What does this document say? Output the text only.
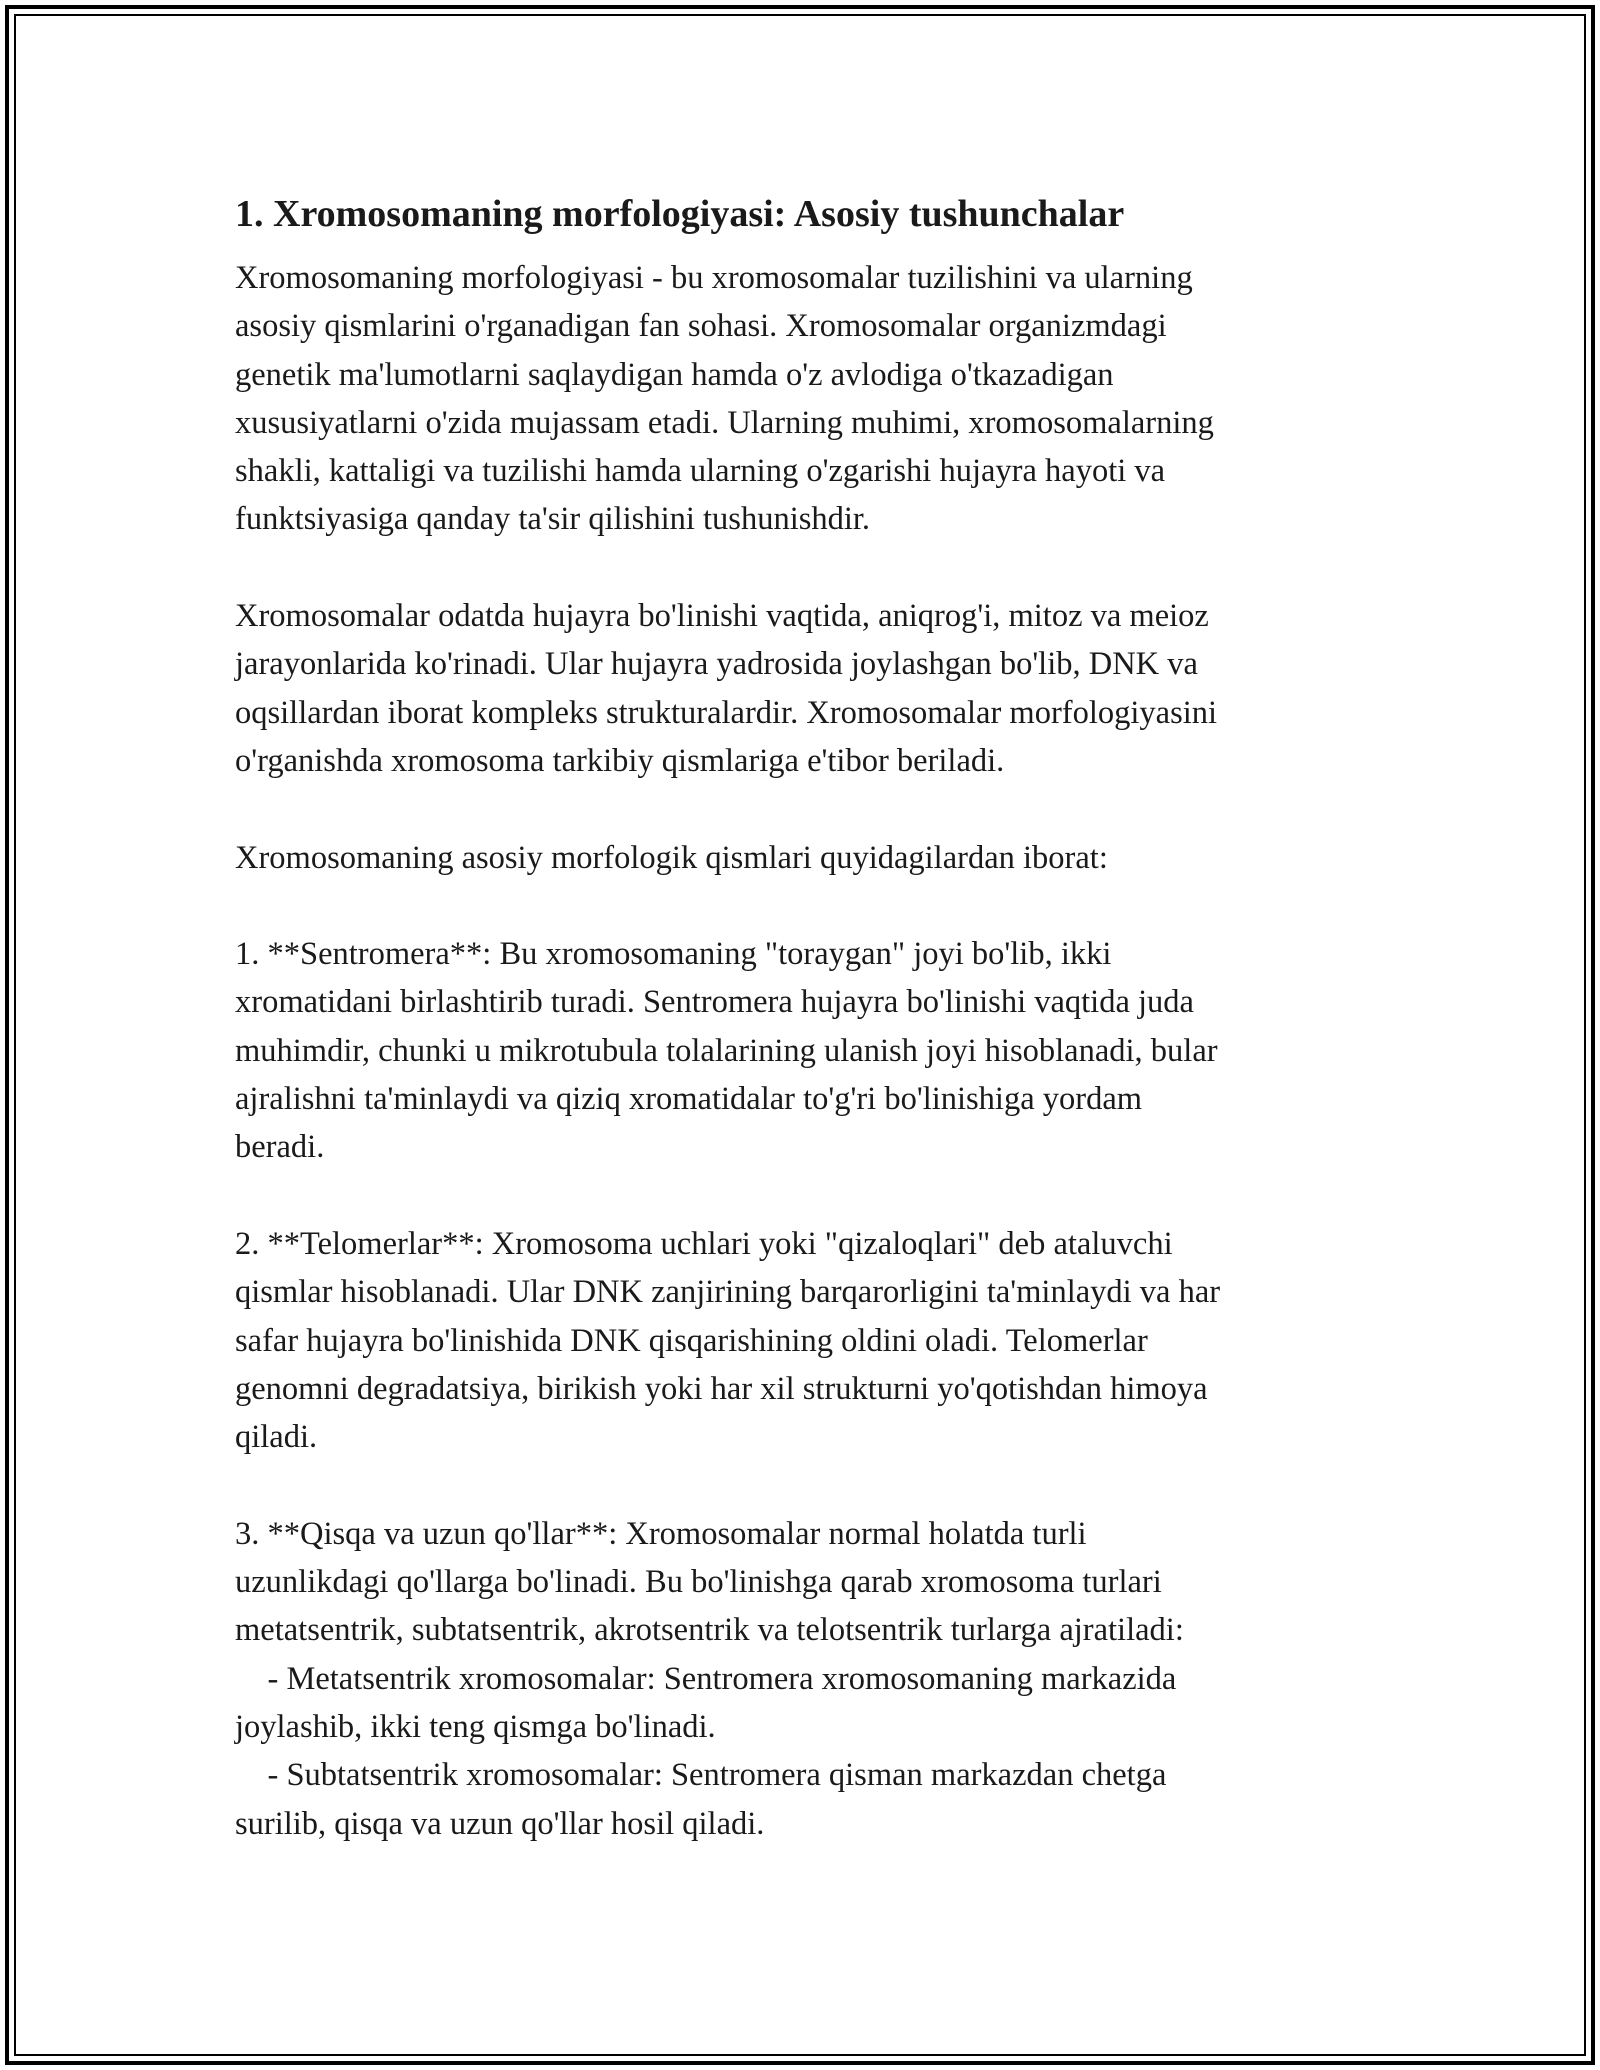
1. Xromosomaning morfologiyasi: Asosiy tushunchalar
Xromosomaning morfologiyasi - bu xromosomalar tuzilishini va ularning
asosiy qismlarini o'rganadigan fan sohasi. Xromosomalar organizmdagi
genetik ma'lumotlarni saqlaydigan hamda o'z avlodiga o'tkazadigan
xususiyatlarni o'zida mujassam etadi. Ularning muhimi, xromosomalarning
shakli, kattaligi va tuzilishi hamda ularning o'zgarishi hujayra hayoti va
funktsiyasiga qanday ta'sir qilishini tushunishdir.
Xromosomalar odatda hujayra bo'linishi vaqtida, aniqrog'i, mitoz va meioz
jarayonlarida ko'rinadi. Ular hujayra yadrosida joylashgan bo'lib, DNK va
oqsillardan iborat kompleks strukturalardir. Xromosomalar morfologiyasini
o'rganishda xromosoma tarkibiy qismlariga e'tibor beriladi.
Xromosomaning asosiy morfologik qismlari quyidagilardan iborat:
1. **Sentromera**: Bu xromosomaning "toraygan" joyi bo'lib, ikki
xromatidani birlashtirib turadi. Sentromera hujayra bo'linishi vaqtida juda
muhimdir, chunki u mikrotubula tolalarining ulanish joyi hisoblanadi, bular
ajralishni ta'minlaydi va qiziq xromatidalar to'g'ri bo'linishiga yordam
beradi.
2. **Telomerlar**: Xromosoma uchlari yoki "qizaloqlari" deb ataluvchi
qismlar hisoblanadi. Ular DNK zanjirining barqarorligini ta'minlaydi va har
safar hujayra bo'linishida DNK qisqarishining oldini oladi. Telomerlar
genomni degradatsiya, birikish yoki har xil strukturni yo'qotishdan himoya
qiladi.
3. **Qisqa va uzun qo'llar**: Xromosomalar normal holatda turli
uzunlikdagi qo'llarga bo'linadi. Bu bo'linishga qarab xromosoma turlari
metatsentrik, subtatsentrik, akrotsentrik va telotsentrik turlarga ajratiladi:
- Metatsentrik xromosomalar: Sentromera xromosomaning markazida
joylashib, ikki teng qismga bo'linadi.
- Subtatsentrik xromosomalar: Sentromera qisman markazdan chetga
surilib, qisqa va uzun qo'llar hosil qiladi.
